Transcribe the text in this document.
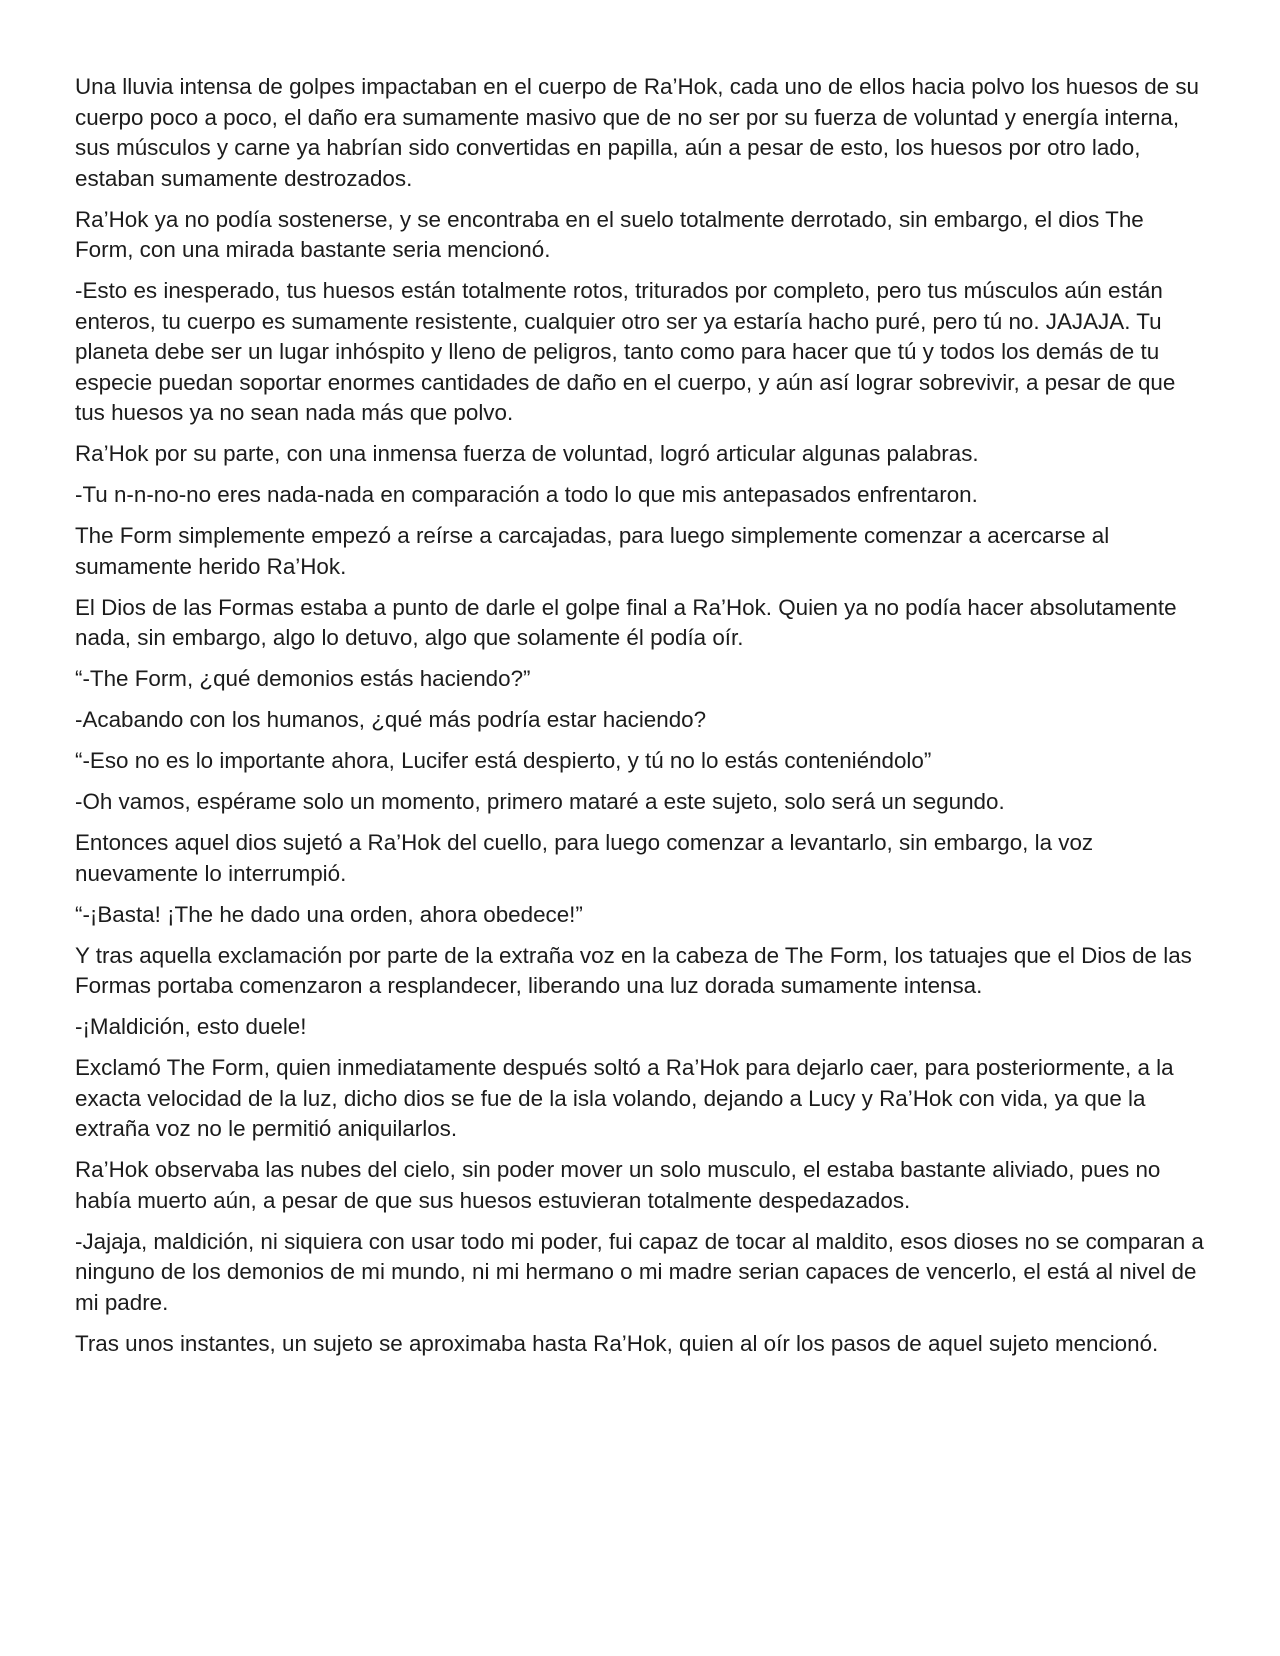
Una lluvia intensa de golpes impactaban en el cuerpo de Ra’Hok, cada uno de ellos hacia polvo los huesos de su cuerpo poco a poco, el daño era sumamente masivo que de no ser por su fuerza de voluntad y energía interna, sus músculos y carne ya habrían sido convertidas en papilla, aún a pesar de esto, los huesos por otro lado, estaban sumamente destrozados.

Ra’Hok ya no podía sostenerse, y se encontraba en el suelo totalmente derrotado, sin embargo, el dios The Form, con una mirada bastante seria mencionó.

-Esto es inesperado, tus huesos están totalmente rotos, triturados por completo, pero tus músculos aún están enteros, tu cuerpo es sumamente resistente, cualquier otro ser ya estaría hacho puré, pero tú no. JAJAJA. Tu planeta debe ser un lugar inhóspito y lleno de peligros, tanto como para hacer que tú y todos los demás de tu especie puedan soportar enormes cantidades de daño en el cuerpo, y aún así lograr sobrevivir, a pesar de que tus huesos ya no sean nada más que polvo.

Ra’Hok por su parte, con una inmensa fuerza de voluntad, logró articular algunas palabras.

-Tu n-n-no-no eres nada-nada en comparación a todo lo que mis antepasados enfrentaron.

The Form simplemente empezó a reírse a carcajadas, para luego simplemente comenzar a acercarse al sumamente herido Ra’Hok.

El Dios de las Formas estaba a punto de darle el golpe final a Ra’Hok. Quien ya no podía hacer absolutamente nada, sin embargo, algo lo detuvo, algo que solamente él podía oír.

“-The Form, ¿qué demonios estás haciendo?”

-Acabando con los humanos, ¿qué más podría estar haciendo?

“-Eso no es lo importante ahora, Lucifer está despierto, y tú no lo estás conteniéndolo”

-Oh vamos, espérame solo un momento, primero mataré a este sujeto, solo será un segundo.

Entonces aquel dios sujetó a Ra’Hok del cuello, para luego comenzar a levantarlo, sin embargo, la voz nuevamente lo interrumpió.

“-¡Basta! ¡The he dado una orden, ahora obedece!”

Y tras aquella exclamación por parte de la extraña voz en la cabeza de The Form, los tatuajes que el Dios de las Formas portaba comenzaron a resplandecer, liberando una luz dorada sumamente intensa.

-¡Maldición, esto duele!

Exclamó The Form, quien inmediatamente después soltó a Ra’Hok para dejarlo caer, para posteriormente, a la exacta velocidad de la luz, dicho dios se fue de la isla volando, dejando a Lucy y Ra’Hok con vida, ya que la extraña voz no le permitió aniquilarlos.

Ra’Hok observaba las nubes del cielo, sin poder mover un solo musculo, el estaba bastante aliviado, pues no había muerto aún, a pesar de que sus huesos estuvieran totalmente despedazados.

-Jajaja, maldición, ni siquiera con usar todo mi poder, fui capaz de tocar al maldito, esos dioses no se comparan a ninguno de los demonios de mi mundo, ni mi hermano o mi madre serian capaces de vencerlo, el está al nivel de mi padre.

Tras unos instantes, un sujeto se aproximaba hasta Ra’Hok, quien al oír los pasos de aquel sujeto mencionó.
